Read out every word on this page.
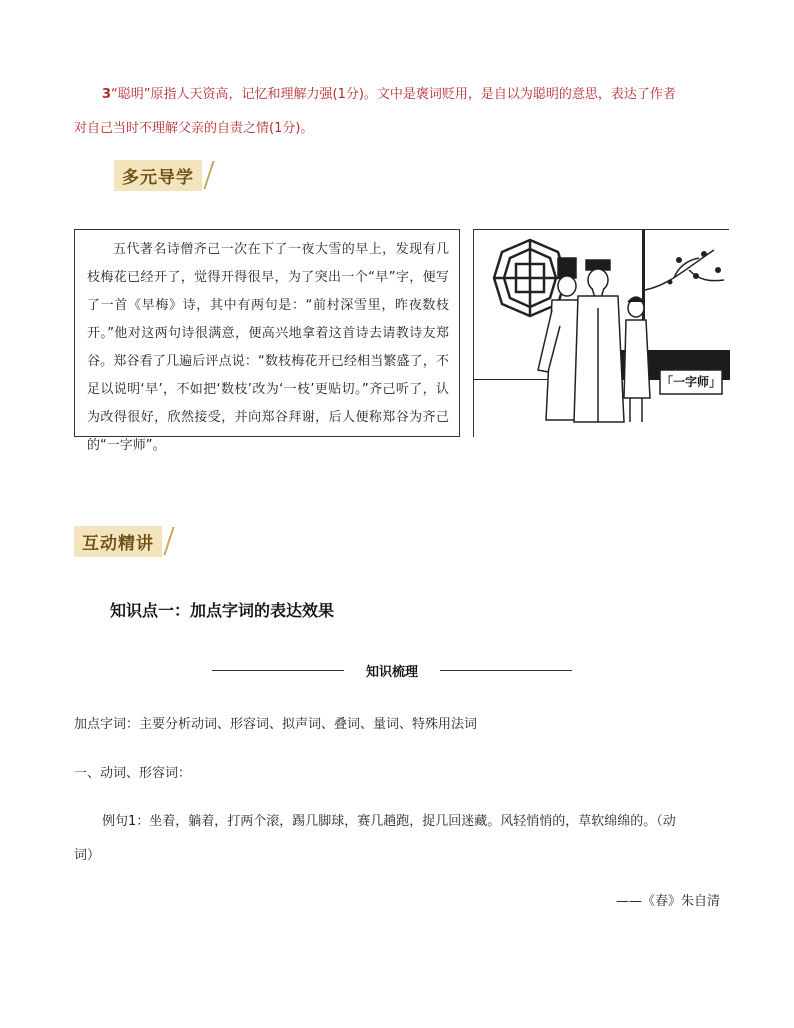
3“聪明”原指人天资高，记忆和理解力强(1分)。文中是褒词贬用，是自以为聪明的意思，表达了作者
对自己当时不理解父亲的自责之情(1分)。
多元导学

五代著名诗僧齐己一次在下了一夜大雪的早上，发现有几枝梅花已经开了，觉得开得很早，为了突出一个“早”字，便写了一首《早梅》诗，其中有两句是：“前村深雪里，昨夜数枝开。”他对这两句诗很满意，便高兴地拿着这首诗去请教诗友郑谷。郑谷看了几遍后评点说：“数枝梅花开已经相当繁盛了，不足以说明‘早’，不如把‘数枝’改为‘一枝’更贴切。”齐己听了，认为改得很好，欣然接受，并向郑谷拜谢，后人便称郑谷为齐己的“一字师”。

「一字师」
互动精讲
知识点一：加点字词的表达效果
知识梳理
加点字词：主要分析动词、形容词、拟声词、叠词、量词、特殊用法词
一、动词、形容词：
例句1：坐着，躺着，打两个滚，踢几脚球，赛几趟跑，捉几回迷藏。风轻悄悄的，草软绵绵的。（动
词）
——《春》朱自清
